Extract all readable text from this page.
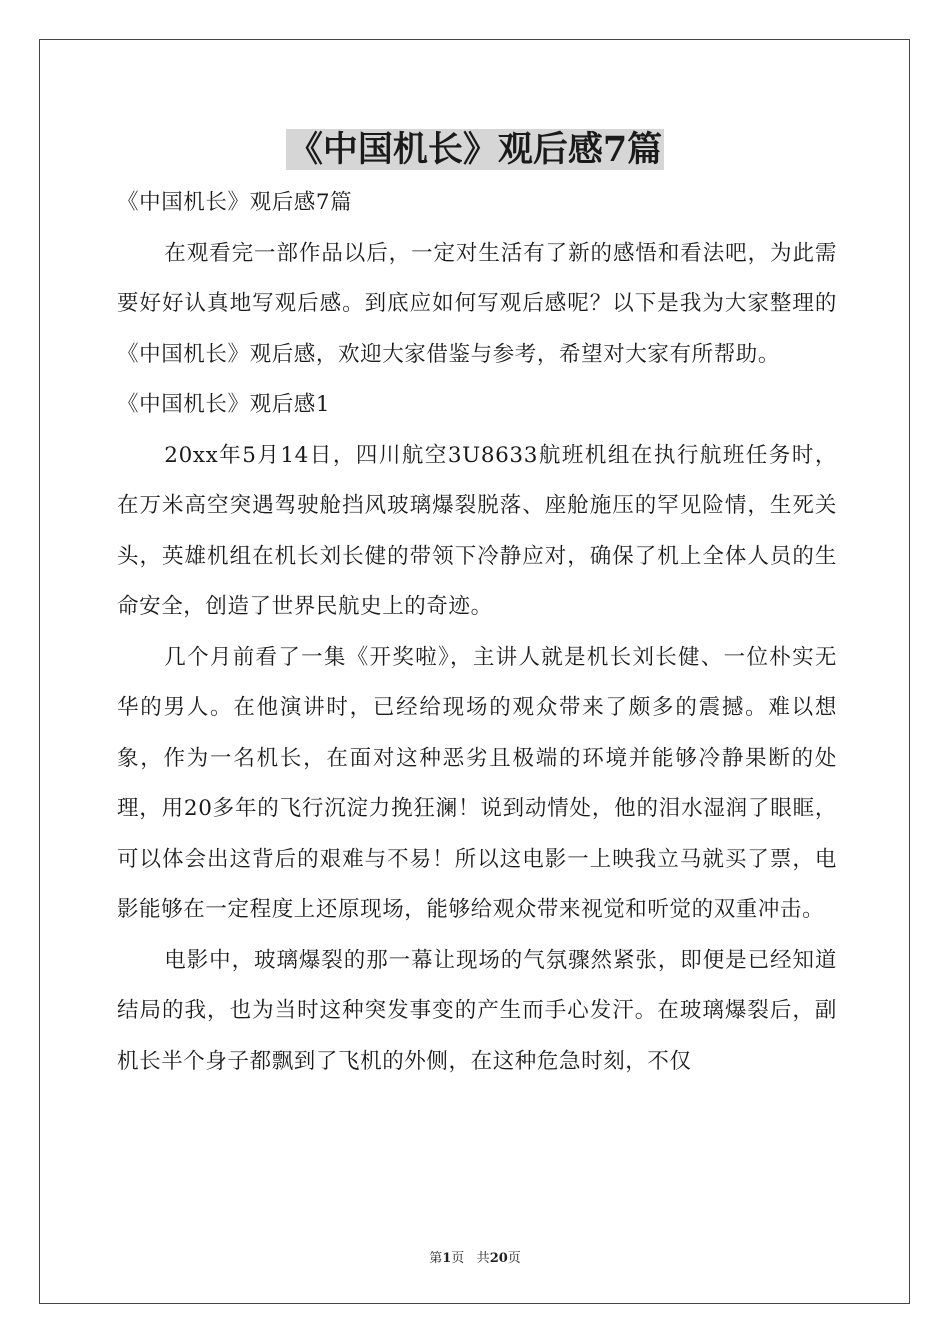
《中国机长》观后感7篇

《中国机长》观后感7篇

在观看完一部作品以后，一定对生活有了新的感悟和看法吧，为此需要好好认真地写观后感。到底应如何写观后感呢？以下是我为大家整理的《中国机长》观后感，欢迎大家借鉴与参考，希望对大家有所帮助。

《中国机长》观后感1

20xx年5月14日，四川航空3U8633航班机组在执行航班任务时，在万米高空突遇驾驶舱挡风玻璃爆裂脱落、座舱施压的罕见险情，生死关头，英雄机组在机长刘长健的带领下冷静应对，确保了机上全体人员的生命安全，创造了世界民航史上的奇迹。

几个月前看了一集《开奖啦》，主讲人就是机长刘长健、一位朴实无华的男人。在他演讲时，已经给现场的观众带来了颇多的震撼。难以想象，作为一名机长，在面对这种恶劣且极端的环境并能够冷静果断的处理，用20多年的飞行沉淀力挽狂澜！说到动情处，他的泪水湿润了眼眶，可以体会出这背后的艰难与不易！所以这电影一上映我立马就买了票，电影能够在一定程度上还原现场，能够给观众带来视觉和听觉的双重冲击。

电影中，玻璃爆裂的那一幕让现场的气氛骤然紧张，即便是已经知道结局的我，也为当时这种突发事变的产生而手心发汗。在玻璃爆裂后，副机长半个身子都飘到了飞机的外侧，在这种危急时刻，不仅

第1页 共20页
